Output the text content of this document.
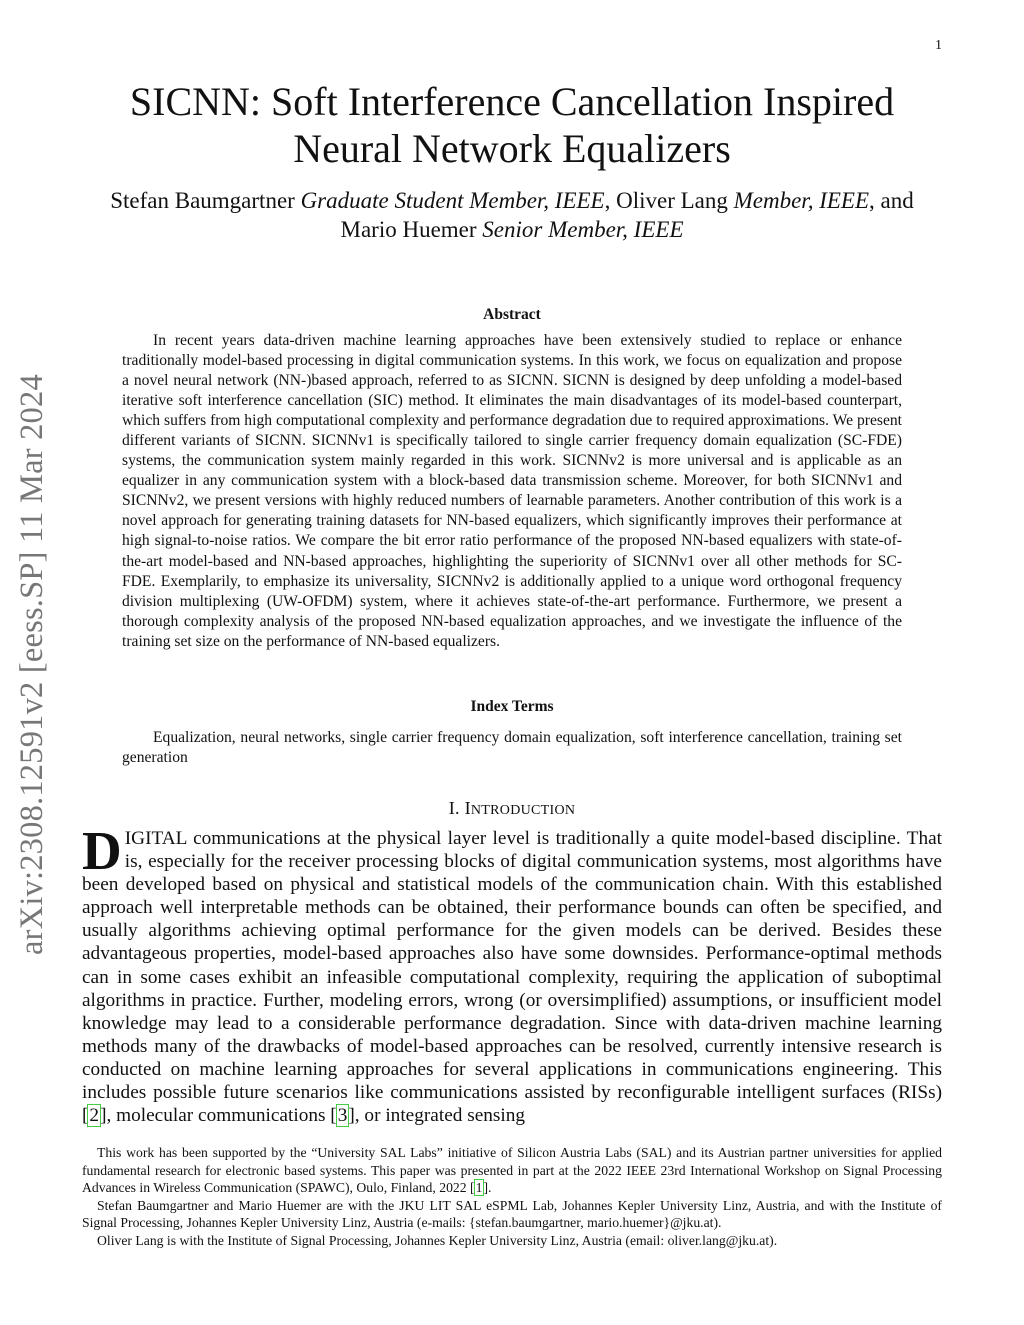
1
arXiv:2308.12591v2 [eess.SP] 11 Mar 2024
SICNN: Soft Interference Cancellation Inspired
Neural Network Equalizers
Stefan Baumgartner Graduate Student Member, IEEE, Oliver Lang Member, IEEE, and Mario Huemer Senior Member, IEEE
Abstract

In recent years data-driven machine learning approaches have been extensively studied to replace or enhance traditionally model-based processing in digital communication systems. In this work, we focus on equalization and propose a novel neural network (NN-)based approach, referred to as SICNN. SICNN is designed by deep unfolding a model-based iterative soft interference cancellation (SIC) method. It eliminates the main disadvantages of its model-based counterpart, which suffers from high computational complexity and performance degradation due to required approximations. We present different variants of SICNN. SICNNv1 is specifically tailored to single carrier frequency domain equalization (SC-FDE) systems, the communication system mainly regarded in this work. SICNNv2 is more universal and is applicable as an equalizer in any communication system with a block-based data transmission scheme. Moreover, for both SICNNv1 and SICNNv2, we present versions with highly reduced numbers of learnable parameters. Another contribution of this work is a novel approach for generating training datasets for NN-based equalizers, which significantly improves their performance at high signal-to-noise ratios. We compare the bit error ratio performance of the proposed NN-based equalizers with state-of-the-art model-based and NN-based approaches, highlighting the superiority of SICNNv1 over all other methods for SC-FDE. Exemplarily, to emphasize its universality, SICNNv2 is additionally applied to a unique word orthogonal frequency division multiplexing (UW-OFDM) system, where it achieves state-of-the-art performance. Furthermore, we present a thorough complexity analysis of the proposed NN-based equalization approaches, and we investigate the influence of the training set size on the performance of NN-based equalizers.

Index Terms

Equalization, neural networks, single carrier frequency domain equalization, soft interference cancellation, training set generation

I. INTRODUCTION

DIGITAL communications at the physical layer level is traditionally a quite model-based discipline. That is, especially for the receiver processing blocks of digital communication systems, most algorithms have been developed based on physical and statistical models of the communication chain. With this established approach well interpretable methods can be obtained, their performance bounds can often be specified, and usually algorithms achieving optimal performance for the given models can be derived. Besides these advantageous properties, model-based approaches also have some downsides. Performance-optimal methods can in some cases exhibit an infeasible computational complexity, requiring the application of suboptimal algorithms in practice. Further, modeling errors, wrong (or oversimplified) assumptions, or insufficient model knowledge may lead to a considerable performance degradation. Since with data-driven machine learning methods many of the drawbacks of model-based approaches can be resolved, currently intensive research is conducted on machine learning approaches for several applications in communications engineering. This includes possible future scenarios like communications assisted by reconfigurable intelligent surfaces (RISs) [2], molecular communications [3], or integrated sensing

This work has been supported by the “University SAL Labs” initiative of Silicon Austria Labs (SAL) and its Austrian partner universities for applied fundamental research for electronic based systems. This paper was presented in part at the 2022 IEEE 23rd International Workshop on Signal Processing Advances in Wireless Communication (SPAWC), Oulo, Finland, 2022 [1].

Stefan Baumgartner and Mario Huemer are with the JKU LIT SAL eSPML Lab, Johannes Kepler University Linz, Austria, and with the Institute of Signal Processing, Johannes Kepler University Linz, Austria (e-mails: {stefan.baumgartner, mario.huemer}@jku.at).

Oliver Lang is with the Institute of Signal Processing, Johannes Kepler University Linz, Austria (email: oliver.lang@jku.at).
